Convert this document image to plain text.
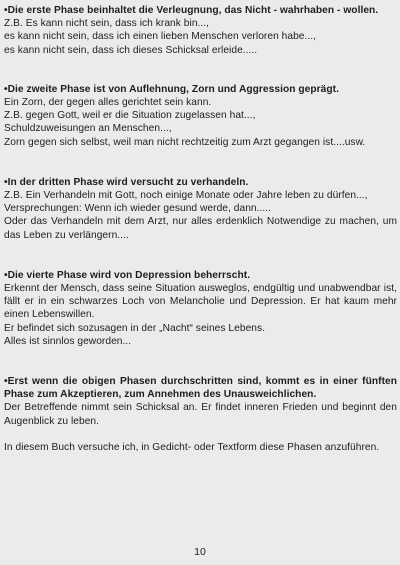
•Die erste Phase beinhaltet die Verleugnung, das Nicht - wahrhaben - wollen.

Z.B. Es kann nicht sein, dass ich krank bin...,

es kann nicht sein, dass ich einen lieben Menschen verloren habe...,

es kann nicht sein, dass ich dieses Schicksal erleide.....

•Die zweite Phase ist von Auflehnung, Zorn und Aggression geprägt.

Ein Zorn, der gegen alles gerichtet sein kann.

Z.B. gegen Gott, weil er die Situation zugelassen hat...,

Schuldzuweisungen an Menschen...,

Zorn gegen sich selbst, weil man nicht rechtzeitig zum Arzt gegangen ist....usw.

•In der dritten Phase wird versucht zu verhandeln.

Z.B. Ein Verhandeln mit Gott, noch einige Monate oder Jahre leben zu dürfen...,

Versprechungen: Wenn ich wieder gesund werde, dann.....

Oder das Verhandeln mit dem Arzt, nur alles erdenklich Notwendige zu machen, um das Leben zu verlängern....

•Die vierte Phase wird von Depression beherrscht.

Erkennt der Mensch, dass seine Situation ausweglos, endgültig und unabwendbar ist, fällt er in ein schwarzes Loch von Melancholie und Depression. Er hat kaum mehr einen Lebenswillen.

Er befindet sich sozusagen in der „Nacht“ seines Lebens.

Alles ist sinnlos geworden...

•Erst wenn die obigen Phasen durchschritten sind, kommt es in einer fünften Phase zum Akzeptieren, zum Annehmen des Unausweichlichen.

Der Betreffende nimmt sein Schicksal an. Er findet inneren Frieden und beginnt den Augenblick zu leben.

In diesem Buch versuche ich, in Gedicht- oder Textform diese Phasen anzuführen.

10
